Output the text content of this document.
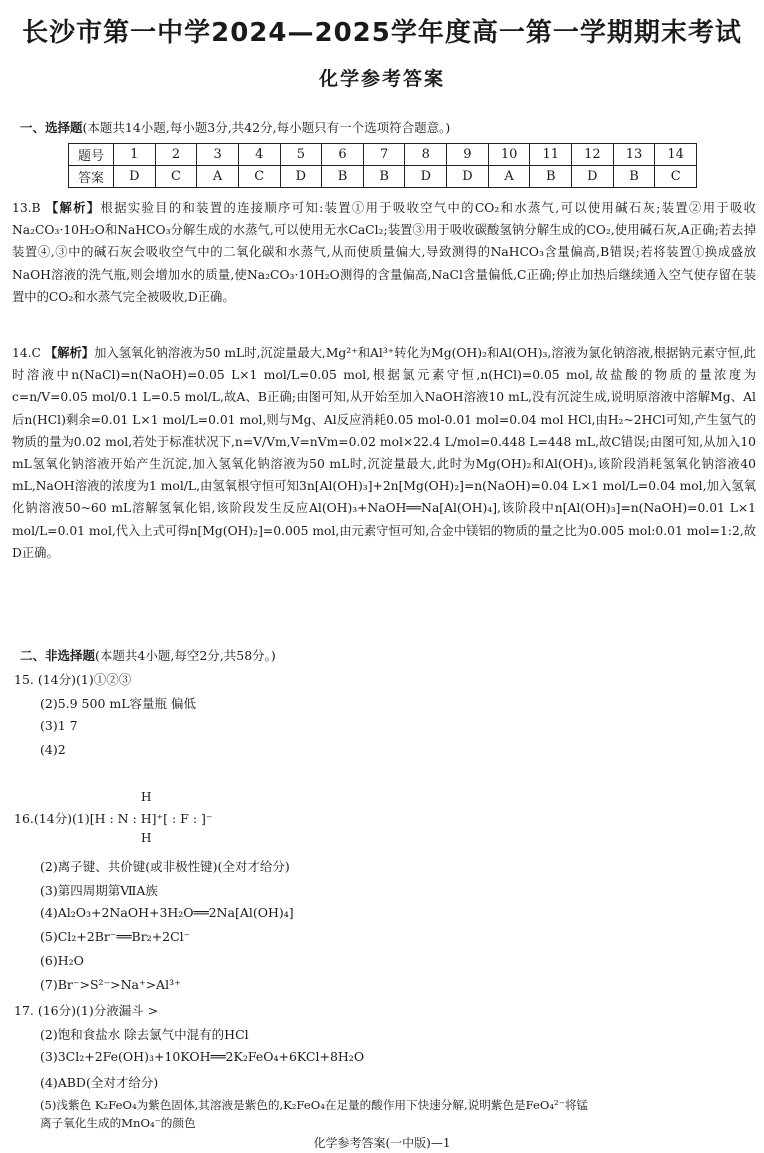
长沙市第一中学2024—2025学年度高一第一学期期末考试
化学参考答案
一、选择题(本题共14小题,每小题3分,共42分,每小题只有一个选项符合题意。)
题号	1	2	3	4	5	6	7	8	9	10	11	12	13	14
答案	D	C	A	C	D	B	B	D	D	A	B	D	B	C
13.B 【解析】根据实验目的和装置的连接顺序可知:装置①用于吸收空气中的CO₂和水蒸气,可以使用碱石灰;装置②用于吸收Na₂CO₃·10H₂O和NaHCO₃分解生成的水蒸气,可以使用无水CaCl₂;装置③用于吸收碳酸氢钠分解生成的CO₂,使用碱石灰,A正确;若去掉装置④,③中的碱石灰会吸收空气中的二氧化碳和水蒸气,从而使质量偏大,导致测得的NaHCO₃含量偏高,B错误;若将装置①换成盛放NaOH溶液的洗气瓶,则会增加水的质量,使Na₂CO₃·10H₂O测得的含量偏高,NaCl含量偏低,C正确;停止加热后继续通入空气使存留在装置中的CO₂和水蒸气完全被吸收,D正确。
14.C 【解析】加入氢氧化钠溶液为50 mL时,沉淀量最大,Mg²⁺和Al³⁺转化为Mg(OH)₂和Al(OH)₃,溶液为氯化钠溶液,根据钠元素守恒,此时溶液中n(NaCl)=n(NaOH)=0.05 L×1 mol/L=0.05 mol,根据氯元素守恒,n(HCl)=0.05 mol,故盐酸的物质的量浓度为c=n/V=0.05 mol/0.1 L=0.5 mol/L,故A、B正确;由图可知,从开始至加入NaOH溶液10 mL,没有沉淀生成,说明原溶液中溶解Mg、Al后n(HCl)剩余=0.01 L×1 mol/L=0.01 mol,则与Mg、Al反应消耗0.05 mol-0.01 mol=0.04 mol HCl,由H₂~2HCl可知,产生氢气的物质的量为0.02 mol,若处于标准状况下,n=V/Vm,V=nVm=0.02 mol×22.4 L/mol=0.448 L=448 mL,故C错误;由图可知,从加入10 mL氢氧化钠溶液开始产生沉淀,加入氢氧化钠溶液为50 mL时,沉淀量最大,此时为Mg(OH)₂和Al(OH)₃,该阶段消耗氢氧化钠溶液40 mL,NaOH溶液的浓度为1 mol/L,由氢氧根守恒可知3n[Al(OH)₃]+2n[Mg(OH)₂]=n(NaOH)=0.04 L×1 mol/L=0.04 mol,加入氢氧化钠溶液50~60 mL溶解氢氧化铝,该阶段发生反应Al(OH)₃+NaOH══Na[Al(OH)₄],该阶段中n[Al(OH)₃]=n(NaOH)=0.01 L×1 mol/L=0.01 mol,代入上式可得n[Mg(OH)₂]=0.005 mol,由元素守恒可知,合金中镁铝的物质的量之比为0.005 mol:0.01 mol=1:2,故D正确。
二、非选择题(本题共4小题,每空2分,共58分。)
15. (14分)(1)①②③
(2)5.9 500 mL容量瓶 偏低
(3)1 7
(4)2
H
16.(14分)(1)[H : N : H]⁺[ : F : ]⁻
H
(2)离子键、共价键(或非极性键)(全对才给分)
(3)第四周期第ⅦA族
(4)Al₂O₃+2NaOH+3H₂O══2Na[Al(OH)₄]
(5)Cl₂+2Br⁻══Br₂+2Cl⁻
(6)H₂O
(7)Br⁻>S²⁻>Na⁺>Al³⁺
17. (16分)(1)分液漏斗 >
(2)饱和食盐水 除去氯气中混有的HCl
(3)3Cl₂+2Fe(OH)₃+10KOH══2K₂FeO₄+6KCl+8H₂O
(4)ABD(全对才给分)
(5)浅紫色 K₂FeO₄为紫色固体,其溶液是紫色的,K₂FeO₄在足量的酸作用下快速分解,说明紫色是FeO₄²⁻将锰
化学参考答案(一中版)—1
离子氧化生成的MnO₄⁻的颜色
